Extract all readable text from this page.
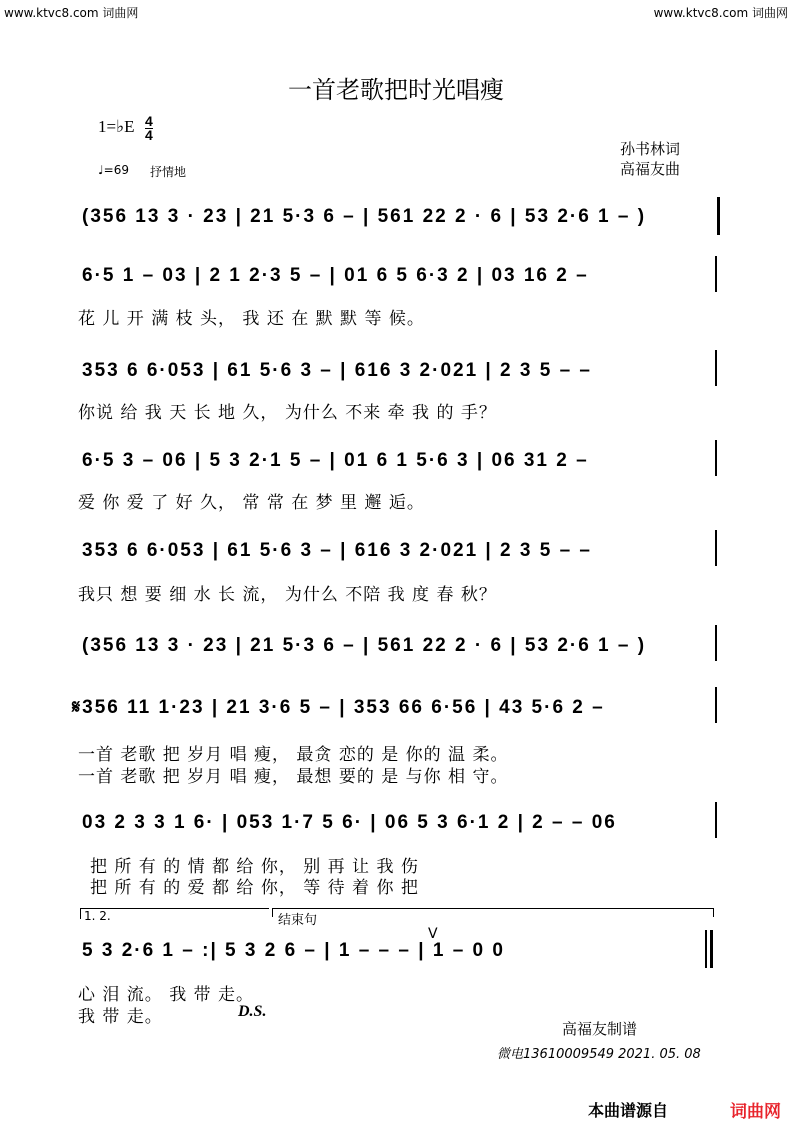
www.ktvc8.com 词曲网	www.ktvc8.com 词曲网
一首老歌把时光唱瘦
1=♭E $\frac{4}{4}$
♩=69 抒情地
孙书林词
高福友曲
(356 13 3 · 23 | 21 5·3 6 – | 561 22 2 · 6 | 53 2·6 1 – )
6·5 1 – 03 | 2 1 2·3 5 – | 01 6 5 6·3 2 | 03 16 2 –
花 儿 开 满 枝 头， 我 还 在 默 默 等 候。
353 6 6·053 | 61 5·6 3 – | 616 3 2·021 | 2 3 5 – –
你说 给 我 天 长 地 久， 为什么 不来 牵 我 的 手？
6·5 3 – 06 | 5 3 2·1 5 – | 01 6 1 5·6 3 | 06 31 2 –
爱 你 爱 了 好 久， 常 常 在 梦 里 邂 逅。
353 6 6·053 | 61 5·6 3 – | 616 3 2·021 | 2 3 5 – –
我只 想 要 细 水 长 流， 为什么 不陪 我 度 春 秋？
(356 13 3 · 23 | 21 5·3 6 – | 561 22 2 · 6 | 53 2·6 1 – )
𝄋356 11 1·23 | 21 3·6 5 – | 353 66 6·56 | 43 5·6 2 –
一首 老歌 把 岁月 唱 瘦， 最贪 恋的 是 你的 温 柔。
一首 老歌 把 岁月 唱 瘦， 最想 要的 是 与你 相 守。
03 2 3 3 1 6· | 053 1·7 5 6· | 06 5 3 6·1 2 | 2 – – 06
把 所 有 的 情 都 给 你， 别 再 让 我 伤
把 所 有 的 爱 都 给 你， 等 待 着 你 把
1. 2.	结束句
V
5 3 2·6 1 – :| 5 3 2 6 – | 1 – – – | 1 – 0 0
心 泪 流。 我 带 走。
我 带 走。	D.S.
高福友制谱
微电13610009549 2021. 05. 08
本曲谱源自	词曲网
